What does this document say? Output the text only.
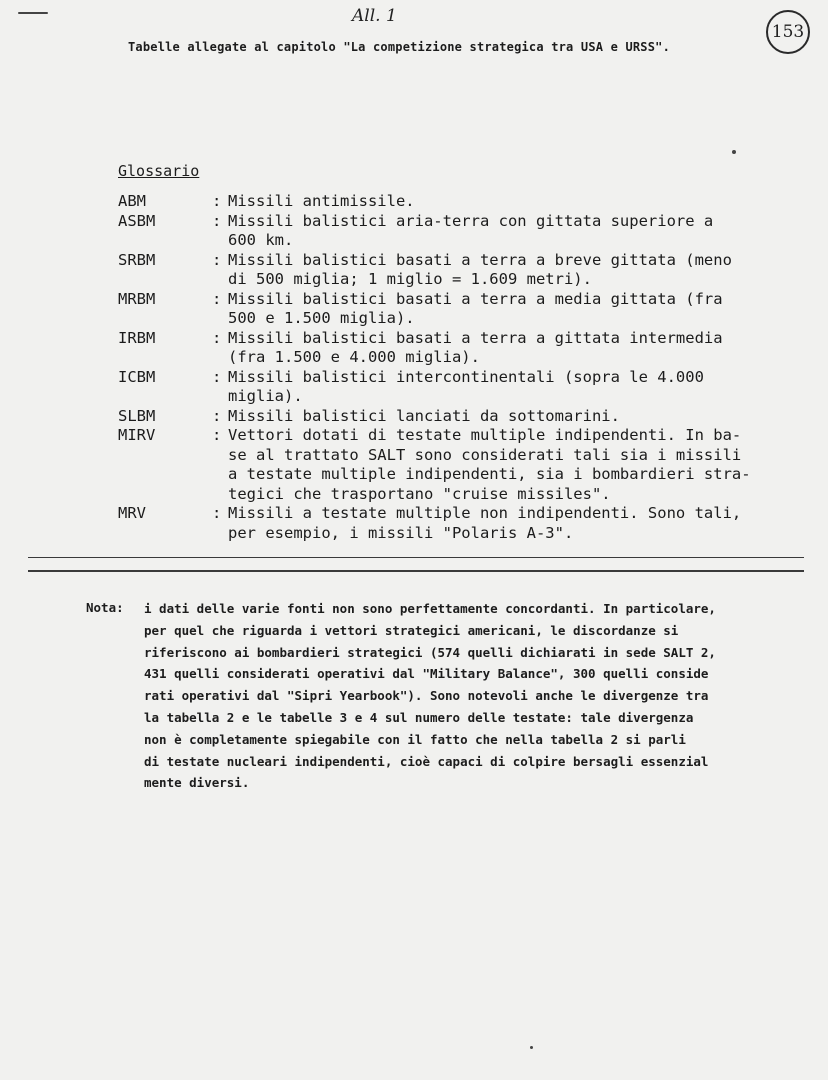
All. 1
153
Tabelle allegate al capitolo "La competizione strategica tra USA e URSS".
Glossario
ABM	: Missili antimissile.
ASBM	: Missili balistici aria-terra con gittata superiore a
600 km.
SRBM	: Missili balistici basati a terra a breve gittata (meno
di 500 miglia; 1 miglio = 1.609 metri).
MRBM	: Missili balistici basati a terra a media gittata (fra
500 e 1.500 miglia).
IRBM	: Missili balistici basati a terra a gittata intermedia
(fra 1.500 e 4.000 miglia).
ICBM	: Missili balistici intercontinentali (sopra le 4.000
miglia).
SLBM	: Missili balistici lanciati da sottomarini.
MIRV	: Vettori dotati di testate multiple indipendenti. In ba-
se al trattato SALT sono considerati tali sia i missili
a testate multiple indipendenti, sia i bombardieri stra-
tegici che trasportano "cruise missiles".
MRV	: Missili a testate multiple non indipendenti. Sono tali,
per esempio, i missili "Polaris A-3".
Nota: i dati delle varie fonti non sono perfettamente concordanti. In particolare,
per quel che riguarda i vettori strategici americani, le discordanze si
riferiscono ai bombardieri strategici (574 quelli dichiarati in sede SALT 2,
431 quelli considerati operativi dal "Military Balance", 300 quelli conside
rati operativi dal "Sipri Yearbook"). Sono notevoli anche le divergenze tra
la tabella 2 e le tabelle 3 e 4 sul numero delle testate: tale divergenza
non è completamente spiegabile con il fatto che nella tabella 2 si parli
di testate nucleari indipendenti, cioè capaci di colpire bersagli essenzial
mente diversi.
